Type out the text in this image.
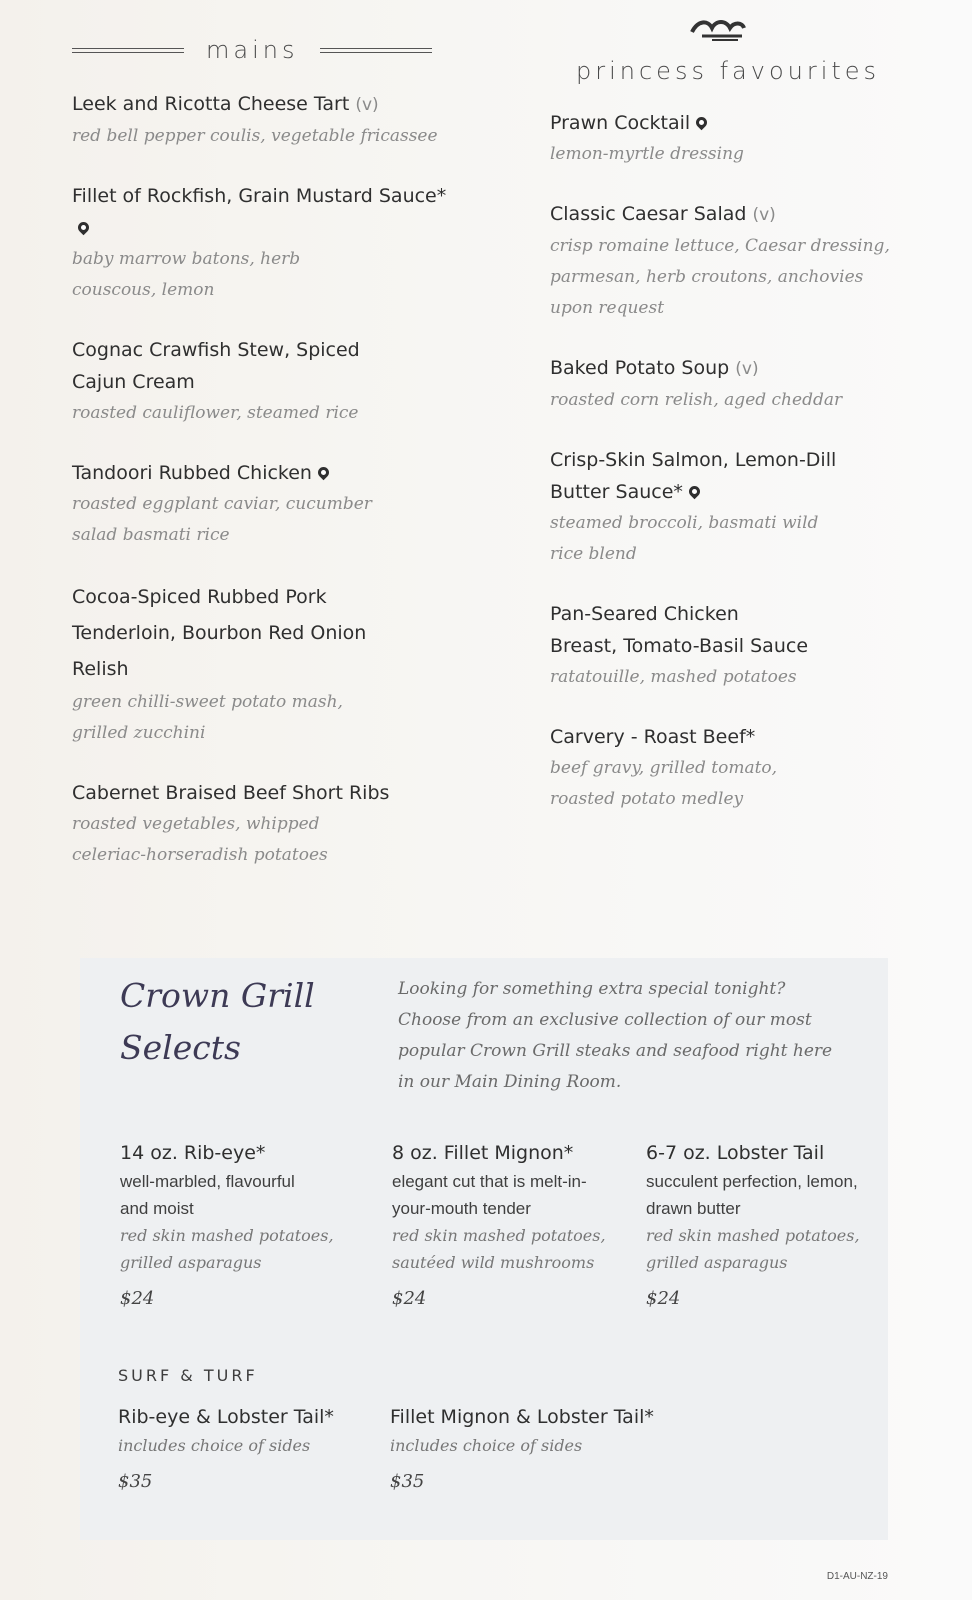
mains
Leek and Ricotta Cheese Tart (v)
red bell pepper coulis, vegetable fricassee
Fillet of Rockfish, Grain Mustard Sauce*
baby marrow batons, herb couscous, lemon
Cognac Crawfish Stew, Spiced Cajun Cream
roasted cauliflower, steamed rice
Tandoori Rubbed Chicken
roasted eggplant caviar, cucumber salad basmati rice
Cocoa-Spiced Rubbed Pork Tenderloin, Bourbon Red Onion Relish
green chilli-sweet potato mash, grilled zucchini
Cabernet Braised Beef Short Ribs
roasted vegetables, whipped celeriac-horseradish potatoes
princess favourites
Prawn Cocktail
lemon-myrtle dressing
Classic Caesar Salad (v)
crisp romaine lettuce, Caesar dressing, parmesan, herb croutons, anchovies upon request
Baked Potato Soup (v)
roasted corn relish, aged cheddar
Crisp-Skin Salmon, Lemon-Dill Butter Sauce*
steamed broccoli, basmati wild rice blend
Pan-Seared Chicken Breast, Tomato-Basil Sauce
ratatouille, mashed potatoes
Carvery - Roast Beef*
beef gravy, grilled tomato, roasted potato medley
Crown Grill
Selects
Looking for something extra special tonight? Choose from an exclusive collection of our most popular Crown Grill steaks and seafood right here in our Main Dining Room.
14 oz. Rib-eye*
well-marbled, flavourful and moist
red skin mashed potatoes, grilled asparagus
$24
8 oz. Fillet Mignon*
elegant cut that is melt-in-your-mouth tender
red skin mashed potatoes, sautéed wild mushrooms
$24
6-7 oz. Lobster Tail
succulent perfection, lemon, drawn butter
red skin mashed potatoes, grilled asparagus
$24
SURF & TURF
Rib-eye & Lobster Tail*
includes choice of sides
$35
Fillet Mignon & Lobster Tail*
includes choice of sides
$35
D1-AU-NZ-19
